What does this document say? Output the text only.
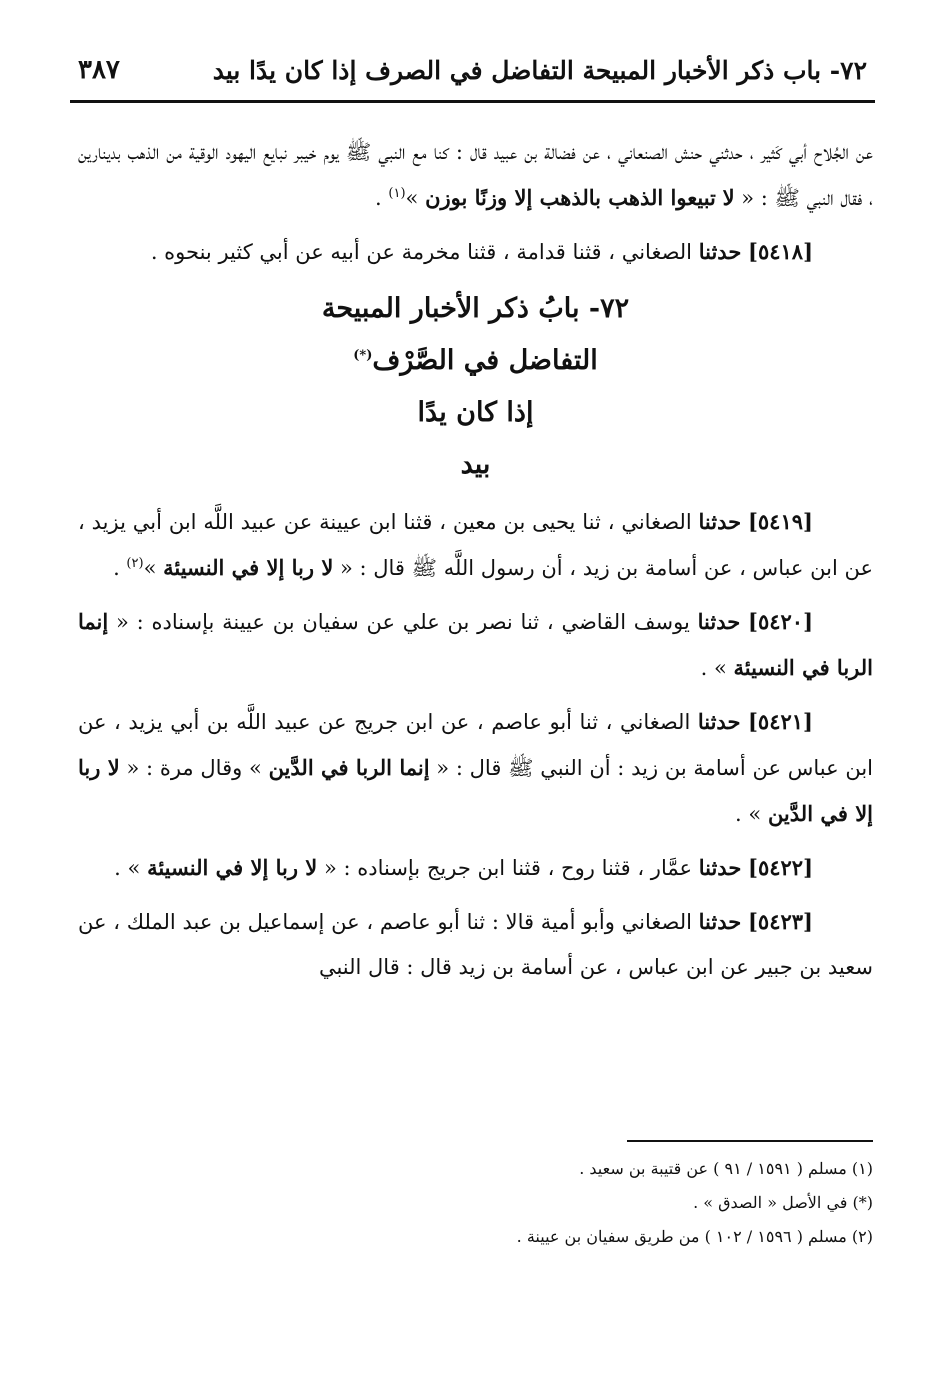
٧٢- باب ذكر الأخبار المبيحة التفاضل في الصرف إذا كان يدًا بيد
٣٨٧

عن الجُلاح أبي كَثير ، حدثني حنش الصنعاني ، عن فضالة بن عبيد قال : كنا مع النبي ﷺ يوم خيبر نبايع اليهود الوقية من الذهب بدينارين ، فقال النبي ﷺ : « لا تبيعوا الذهب بالذهب إلا وزنًا بوزن »$^{(١)}$ .

[٥٤١٨] حدثنا الصغاني ، قثنا قدامة ، قثنا مخرمة عن أبيه عن أبي كثير بنحوه .

٧٢- بابُ ذكر الأخبار المبيحة
التفاضل في الصَّرْف(*)
إذا كان يدًا
بيد

[٥٤١٩] حدثنا الصغاني ، ثنا يحيى بن معين ، قثنا ابن عيينة عن عبيد اللَّه ابن أبي يزيد ، عن ابن عباس ، عن أسامة بن زيد ، أن رسول اللَّه ﷺ قال : « لا ربا إلا في النسيئة »$^{(٢)}$ .

[٥٤٢٠] حدثنا يوسف القاضي ، ثنا نصر بن علي عن سفيان بن عيينة بإسناده : « إنما الربا في النسيئة » .

[٥٤٢١] حدثنا الصغاني ، ثنا أبو عاصم ، عن ابن جريج عن عبيد اللَّه بن أبي يزيد ، عن ابن عباس عن أسامة بن زيد : أن النبي ﷺ قال : « إنما الربا في الدَّين » وقال مرة : « لا ربا إلا في الدَّين » .

[٥٤٢٢] حدثنا عمَّار ، قثنا روح ، قثنا ابن جريج بإسناده : « لا ربا إلا في النسيئة » .

[٥٤٢٣] حدثنا الصغاني وأبو أمية قالا : ثنا أبو عاصم ، عن إسماعيل بن عبد الملك ، عن سعيد بن جبير عن ابن عباس ، عن أسامة بن زيد قال : قال النبي

(١) مسلم ( ١٥٩١ / ٩١ ) عن قتيبة بن سعيد .
(*) في الأصل « الصدق » .
(٢) مسلم ( ١٥٩٦ / ١٠٢ ) من طريق سفيان بن عيينة .
